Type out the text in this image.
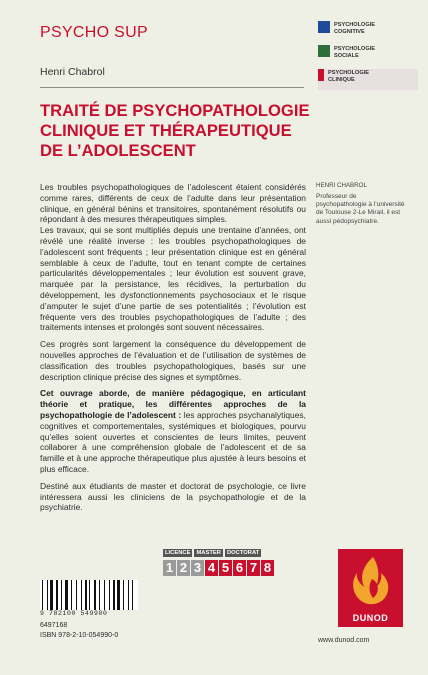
PSYCHO SUP	PSYCHOLOGIE
COGNITIVE
PSYCHOLOGIE
SOCIALE
PSYCHOLOGIE
CLINIQUE
Henri Chabrol
TRAITÉ DE PSYCHOPATHOLOGIE
CLINIQUE ET THÉRAPEUTIQUE
DE L’ADOLESCENT

Les troubles psychopathologiques de l’adolescent étaient considérés comme rares, différents de ceux de l’adulte dans leur présentation clinique, en général bénins et transitoires, spontanément résolutifs ou répondant à des mesures thérapeutiques simples.
Les travaux, qui se sont multipliés depuis une trentaine d’années, ont révélé une réalité inverse : les troubles psychopathologiques de l’adolescent sont fréquents ; leur présentation clinique est en général semblable à ceux de l’adulte, tout en tenant compte de certaines particularités développementales ; leur évolution est souvent grave, marquée par la persistance, les récidives, la perturbation du développement, les dysfonctionnements psychosociaux et le risque d’amputer le sujet d’une partie de ses potentialités ; l’évolution est fréquente vers des troubles psychopathologiques de l’adulte ; des traitements intenses et prolongés sont souvent nécessaires.

Ces progrès sont largement la conséquence du développement de nouvelles approches de l’évaluation et de l’utilisation de systèmes de classification des troubles psychopathologiques, basés sur une description clinique précise des signes et symptômes.

Cet ouvrage aborde, de manière pédagogique, en articulant théorie et pratique, les différentes approches de la psychopathologie de l’adolescent : les approches psychanalytiques, cognitives et comportementales, systémiques et biologiques, pourvu qu’elles soient ouvertes et conscientes de leurs limites, peuvent collaborer à une compréhension globale de l’adolescent et de sa famille et à une approche thérapeutique plus ajustée à leurs besoins et plus efficace.

Destiné aux étudiants de master et doctorat de psychologie, ce livre intéressera aussi les cliniciens de la psychopathologie et de la psychiatrie.

HENRI CHABROL
Professeur de psychopathologie à l’université de Toulouse 2-Le Mirail, il est aussi pédopsychiatre.
LICENCE	MASTER	DOCTORAT
1 2 3 4 5 6 7 8
9 782100 549900
6497168
ISBN 978-2-10-054990-0
DUNOD
www.dunod.com
